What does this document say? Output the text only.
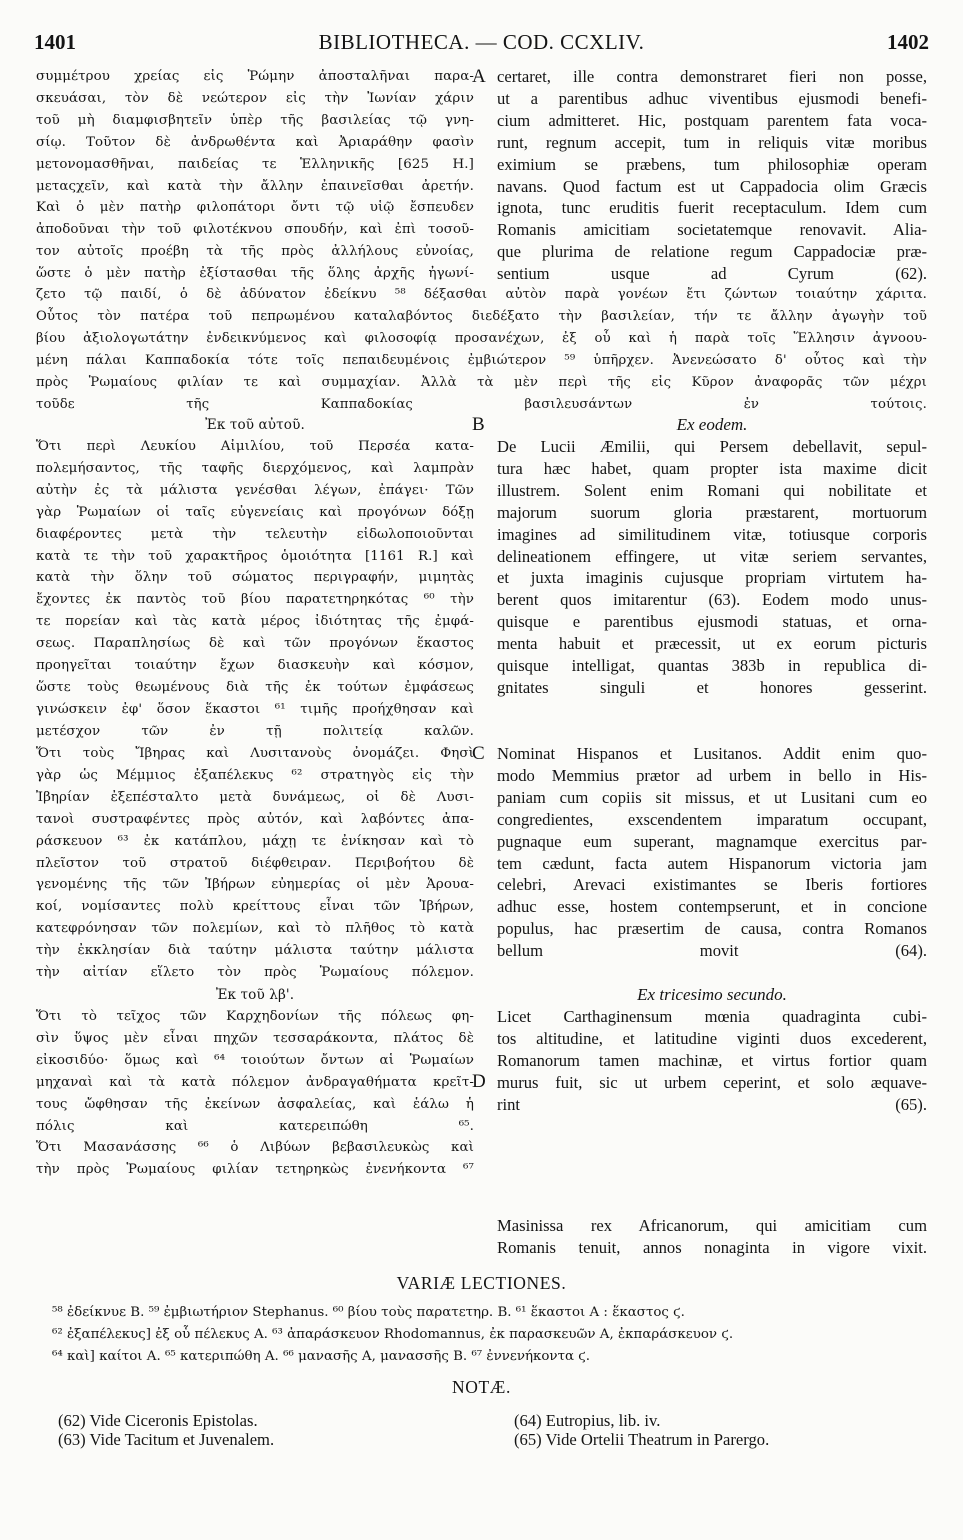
1401	BIBLIOTHECA. — COD. CCXLIV.	1402
συμμέτρου χρείας εἰς Ῥώμην ἀποσταλῆναι παρα-
σκευάσαι, τὸν δὲ νεώτερον εἰς τὴν Ἰωνίαν χάριν
τοῦ μὴ διαμφισβητεῖν ὑπὲρ τῆς βασιλείας τῷ γνη-
σίῳ. Τοῦτον δὲ ἀνδρωθέντα καὶ Ἀριαράθην φασὶν
μετονομασθῆναι, παιδείας τε Ἑλληνικῆς [625 H.]
μεταςχεῖν, καὶ κατὰ τὴν ἄλλην ἐπαινεῖσθαι ἀρετήν.
Καὶ ὁ μὲν πατὴρ φιλοπάτορι ὄντι τῷ υἱῷ ἔσπευδεν
ἀποδοῦναι τὴν τοῦ φιλοτέκνου σπουδήν, καὶ ἐπὶ τοσοῦ-
τον αὐτοῖς προέβη τὰ τῆς πρὸς ἀλλήλους εὐνοίας,
ὥστε ὁ μὲν πατὴρ ἐξίστασθαι τῆς ὅλης ἀρχῆς ἠγωνί-
certaret, ille contra demonstraret fieri non posse,
ut a parentibus adhuc viventibus ejusmodi benefi-
cium admitteret. Hic, postquam parentem fata voca-
runt, regnum accepit, tum in reliquis vitæ moribus
eximium se præbens, tum philosophiæ operam
navans. Quod factum est ut Cappadocia olim Græcis
ignota, tunc eruditis fuerit receptaculum. Idem cum
Romanis amicitiam societatemque renovavit. Alia-
que plurima de relatione regum Cappadociæ præ-
sentium usque ad Cyrum (62).
A
ζετο τῷ παιδί, ὁ δὲ ἀδύνατον ἐδείκνυ ⁵⁸ δέξασθαι αὐτὸν παρὰ γονέων ἔτι ζώντων τοιαύτην χάριτα.
Οὗτος τὸν πατέρα τοῦ πεπρωμένου καταλαβόντος διεδέξατο τὴν βασιλείαν, τήν τε ἄλλην ἀγωγὴν τοῦ
βίου ἀξιολογωτάτην ἐνδεικνύμενος καὶ φιλοσοφίᾳ προσανέχων, ἐξ οὗ καὶ ἡ παρὰ τοῖς Ἕλλησιν ἀγνοου-
μένη πάλαι Καππαδοκία τότε τοῖς πεπαιδευμένοις ἐμβιώτερον ⁵⁹ ὑπῆρχεν. Ἀνενεώσατο δ' οὗτος καὶ τὴν
πρὸς Ῥωμαίους φιλίαν τε καὶ συμμαχίαν. Ἀλλὰ τὰ μὲν περὶ τῆς εἰς Κῦρον ἀναφορᾶς τῶν μέχρι
τοῦδε τῆς Καππαδοκίας βασιλευσάντων ἐν τούτοις.
Ἐκ τοῦ αὐτοῦ.	Ex eodem.
B
Ὅτι περὶ Λευκίου Αἰμιλίου, τοῦ Περσέα κατα-
πολεμήσαντος, τῆς ταφῆς διερχόμενος, καὶ λαμπρὰν
αὐτὴν ἐς τὰ μάλιστα γενέσθαι λέγων, ἐπάγει· Τῶν
γὰρ Ῥωμαίων οἱ ταῖς εὐγενείαις καὶ προγόνων δόξῃ
διαφέροντες μετὰ τὴν τελευτὴν εἰδωλοποιοῦνται
κατὰ τε τὴν τοῦ χαρακτῆρος ὁμοιότητα [1161 R.] καὶ
κατὰ τὴν ὅλην τοῦ σώματος περιγραφήν, μιμητὰς
ἔχοντες ἐκ παντὸς τοῦ βίου παρατετηρηκότας ⁶⁰ τὴν
τε πορείαν καὶ τὰς κατὰ μέρος ἰδιότητας τῆς ἐμφά-
σεως. Παραπλησίως δὲ καὶ τῶν προγόνων ἕκαστος
προηγεῖται τοιαύτην ἔχων διασκευὴν καὶ κόσμον,
ὥστε τοὺς θεωμένους διὰ τῆς ἐκ τούτων ἐμφάσεως
γινώσκειν ἐφ' ὅσον ἕκαστοι ⁶¹ τιμῆς προήχθησαν καὶ
μετέσχον τῶν ἐν τῇ πολιτείᾳ καλῶν.
De Lucii Æmilii, qui Persem debellavit, sepul-
tura hæc habet, quam propter ista maxime dicit
illustrem. Solent enim Romani qui nobilitate et
majorum suorum gloria præstarent, mortuorum
imagines ad similitudinem vitæ, totiusque corporis
delineationem effingere, ut vitæ seriem servantes,
et juxta imaginis cujusque propriam virtutem ha-
berent quos imitarentur (63). Eodem modo unus-
quisque e parentibus ejusmodi statuas, et orna-
menta habuit et præcessit, ut ex eorum picturis
quisque intelligat, quantas 383b in republica di-
gnitates singuli et honores gesserint.
Ὅτι τοὺς Ἴβηρας καὶ Λυσιτανοὺς ὀνομάζει. Φησὶ
γὰρ ὡς Μέμμιος ἐξαπέλεκυς ⁶² στρατηγὸς εἰς τὴν
Ἰβηρίαν ἐξεπέσταλτο μετὰ δυνάμεως, οἱ δὲ Λυσι-
τανοὶ συστραφέντες πρὸς αὐτόν, καὶ λαβόντες ἀπα-
ράσκευον ⁶³ ἐκ κατάπλου, μάχῃ τε ἐνίκησαν καὶ τὸ
πλεῖστον τοῦ στρατοῦ διέφθειραν. Περιβοήτου δὲ
γενομένης τῆς τῶν Ἰβήρων εὐημερίας οἱ μὲν Ἀρουα-
κοί, νομίσαντες πολὺ κρείττους εἶναι τῶν Ἰβήρων,
κατεφρόνησαν τῶν πολεμίων, καὶ τὸ πλῆθος τὸ κατὰ
τὴν ἐκκλησίαν διὰ ταύτην μάλιστα ταύτην μάλιστα
τὴν αἰτίαν εἵλετο τὸν πρὸς Ῥωμαίους πόλεμον.
Nominat Hispanos et Lusitanos. Addit enim quo-
modo Memmius prætor ad urbem in bello in His-
paniam cum copiis sit missus, et ut Lusitani cum eo
congredientes, exscendentem imparatum occupant,
pugnaque eum superant, magnamque exercitus par-
tem cædunt, facta autem Hispanorum victoria jam
celebri, Arevaci existimantes se Iberis fortiores
adhuc esse, hostem contempserunt, et in concione
populus, hac præsertim de causa, contra Romanos
bellum movit (64).
C
Ἐκ τοῦ λβ'.	Ex tricesimo secundo.
Ὅτι τὸ τεῖχος τῶν Καρχηδονίων τῆς πόλεως φη-
σὶν ὕψος μὲν εἶναι πηχῶν τεσσαράκοντα, πλάτος δὲ
εἰκοσιδύο· ὅμως καὶ ⁶⁴ τοιούτων ὄντων αἱ Ῥωμαίων
μηχαναὶ καὶ τὰ κατὰ πόλεμον ἀνδραγαθήματα κρεῖτ-
τους ὤφθησαν τῆς ἐκείνων ἀσφαλείας, καὶ ἑάλω ἡ
πόλις καὶ κατερειπώθη ⁶⁵.
Ὅτι Μασανάσσης ⁶⁶ ὁ Λιβύων βεβασιλευκὼς καὶ
τὴν πρὸς Ῥωμαίους φιλίαν τετηρηκὼς ἐνενήκοντα ⁶⁷
Licet Carthaginensum mœnia quadraginta cubi-
tos altitudine, et latitudine viginti duos excederent,
Romanorum tamen machinæ, et virtus fortior quam
murus fuit, sic ut urbem ceperint, et solo æquave-
rint (65).
D
Masinissa rex Africanorum, qui amicitiam cum
Romanis tenuit, annos nonaginta in vigore vixit.
VARIÆ LECTIONES.
⁵⁸ ἐδείκνυε B. ⁵⁹ ἐμβιωτήριον Stephanus. ⁶⁰ βίου τοὺς παρατετηρ. B. ⁶¹ ἕκαστοι A : ἕκαστος ϛ.
⁶² ἐξαπέλεκυς] ἐξ οὗ πέλεκυς A. ⁶³ ἀπαράσκευον Rhodomannus, ἐκ παρασκευῶν A, ἐκπαράσκευον ϛ.
⁶⁴ καὶ] καίτοι A. ⁶⁵ κατεριπώθη A. ⁶⁶ μανασῆς A, μανασσῆς B. ⁶⁷ ἐννενήκοντα ϛ.
NOTÆ.
(62) Vide Ciceronis Epistolas.
(63) Vide Tacitum et Juvenalem.
(64) Eutropius, lib. iv.
(65) Vide Ortelii Theatrum in Parergo.
